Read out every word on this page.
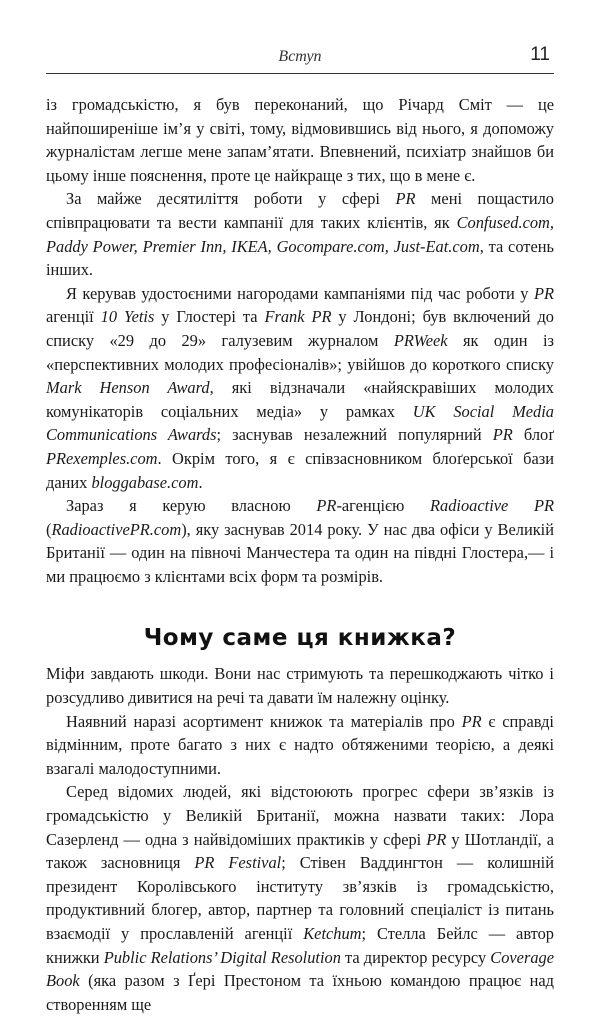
Вступ	11

із громадськістю, я був переконаний, що Річард Сміт — це найпоширеніше ім’я у світі, тому, відмовившись від нього, я допоможу журналістам легше мене запам’ятати. Впевнений, психіатр знайшов би цьому інше пояснення, проте це найкраще з тих, що в мене є.

За майже десятиліття роботи у сфері PR мені пощастило співпрацювати та вести кампанії для таких клієнтів, як Confused.com, Paddy Power, Premier Inn, IKEA, Gocompare.com, Just-Eat.com, та сотень інших.

Я керував удостоєними нагородами кампаніями під час роботи у PR агенції 10 Yetis у Глостері та Frank PR у Лондоні; був включений до списку «29 до 29» галузевим журналом PRWeek як один із «перспективних молодих професіоналів»; увійшов до короткого списку Mark Henson Award, які відзначали «найяскравіших молодих комунікаторів соціальних медіа» у рамках UK Social Media Communications Awards; заснував незалежний популярний PR блоґ PRexemples.com. Окрім того, я є співзасновником блоґерської бази даних bloggabase.com.

Зараз я керую власною PR-агенцією Radioactive PR (RadioactivePR.com), яку заснував 2014 року. У нас два офіси у Великій Британії — один на півночі Манчестера та один на півдні Глостера,— і ми працюємо з клієнтами всіх форм та розмірів.

Чому саме ця книжка?

Міфи завдають шкоди. Вони нас стримують та перешкоджають чітко і розсудливо дивитися на речі та давати їм належну оцінку.

Наявний наразі асортимент книжок та матеріалів про PR є справді відмінним, проте багато з них є надто обтяженими теорією, а деякі взагалі малодоступними.

Серед відомих людей, які відстоюють прогрес сфери зв’язків із громадськістю у Великій Британії, можна назвати таких: Лора Сазерленд — одна з найвідоміших практиків у сфері PR у Шотландії, а також засновниця PR Festival; Стівен Ваддингтон — колишній президент Королівського інституту зв’язків із громадськістю, продуктивний блогер, автор, партнер та головний спеціаліст із питань взаємодії у прославленій агенції Ketchum; Стелла Бейлс — автор книжки Public Relations’ Digital Resolution та директор ресурсу Coverage Book (яка разом з Ґері Престоном та їхньою командою працює над створенням ще
